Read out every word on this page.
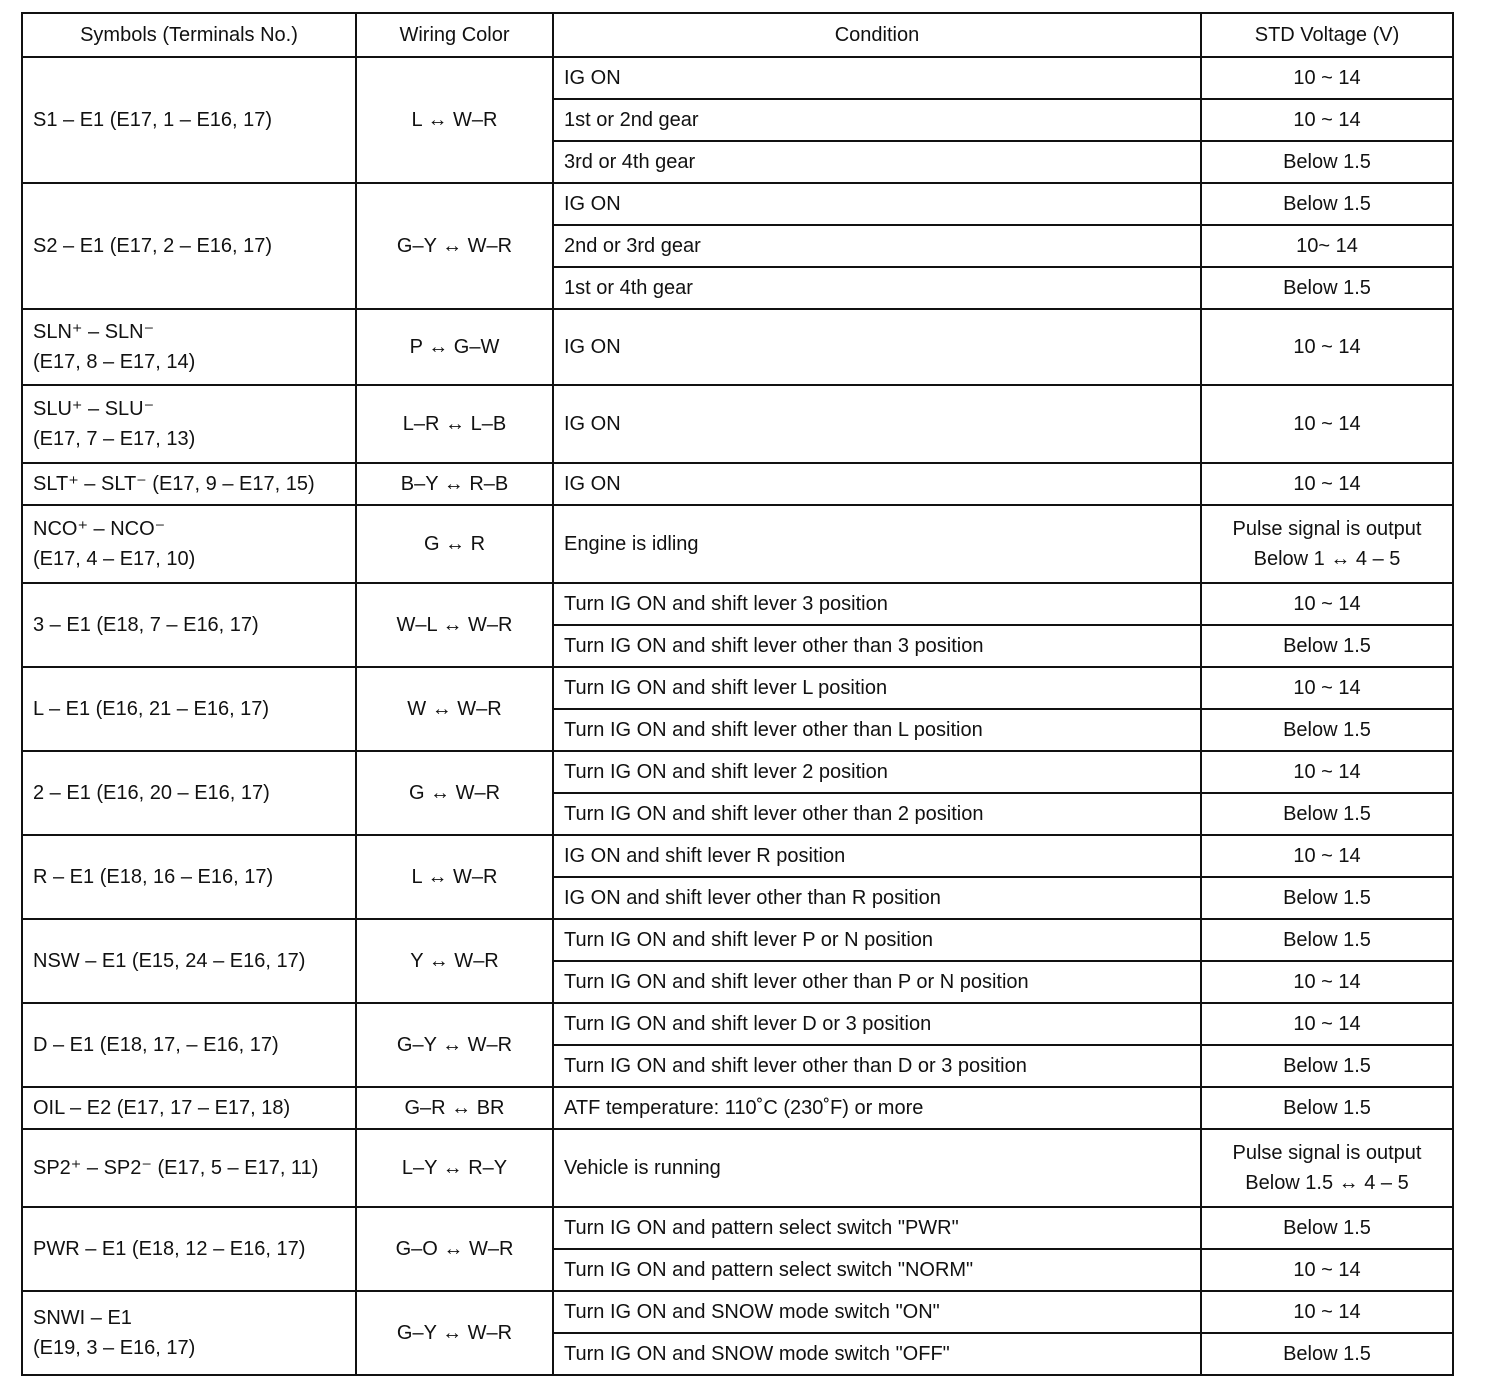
Symbols (Terminals No.)	Wiring Color	Condition	STD Voltage (V)

S1 – E1 (E17, 1 – E16, 17)	L ↔ W–R	IG ON	10 ~ 14

		1st or 2nd gear	10 ~ 14

		3rd or 4th gear	Below 1.5

S2 – E1 (E17, 2 – E16, 17)	G–Y ↔ W–R	IG ON	Below 1.5

		2nd or 3rd gear	10~ 14

		1st or 4th gear	Below 1.5

SLN⁺ – SLN⁻
(E17, 8 – E17, 14)	P ↔ G–W	IG ON	10 ~ 14

SLU⁺ – SLU⁻
(E17, 7 – E17, 13)	L–R ↔ L–B	IG ON	10 ~ 14

SLT⁺ – SLT⁻ (E17, 9 – E17, 15)	B–Y ↔ R–B	IG ON	10 ~ 14

NCO⁺ – NCO⁻
(E17, 4 – E17, 10)	G ↔ R	Engine is idling	Pulse signal is output
Below 1 ↔ 4 – 5

3 – E1 (E18, 7 – E16, 17)	W–L ↔ W–R	Turn IG ON and shift lever 3 position	10 ~ 14

		Turn IG ON and shift lever other than 3 position	Below 1.5

L – E1 (E16, 21 – E16, 17)	W ↔ W–R	Turn IG ON and shift lever L position	10 ~ 14

		Turn IG ON and shift lever other than L position	Below 1.5

2 – E1 (E16, 20 – E16, 17)	G ↔ W–R	Turn IG ON and shift lever 2 position	10 ~ 14

		Turn IG ON and shift lever other than 2 position	Below 1.5

R – E1 (E18, 16 – E16, 17)	L ↔ W–R	IG ON and shift lever R position	10 ~ 14

		IG ON and shift lever other than R position	Below 1.5

NSW – E1 (E15, 24 – E16, 17)	Y ↔ W–R	Turn IG ON and shift lever P or N position	Below 1.5

		Turn IG ON and shift lever other than P or N position	10 ~ 14

D – E1 (E18, 17, – E16, 17)	G–Y ↔ W–R	Turn IG ON and shift lever D or 3 position	10 ~ 14

		Turn IG ON and shift lever other than D or 3 position	Below 1.5

OIL – E2 (E17, 17 – E17, 18)	G–R ↔ BR	ATF temperature: 110˚C (230˚F) or more	Below 1.5

SP2⁺ – SP2⁻ (E17, 5 – E17, 11)	L–Y ↔ R–Y	Vehicle is running	Pulse signal is output
Below 1.5 ↔ 4 – 5

PWR – E1 (E18, 12 – E16, 17)	G–O ↔ W–R	Turn IG ON and pattern select switch "PWR"	Below 1.5

		Turn IG ON and pattern select switch "NORM"	10 ~ 14

SNWI – E1
(E19, 3 – E16, 17)	G–Y ↔ W–R	Turn IG ON and SNOW mode switch "ON"	10 ~ 14

		Turn IG ON and SNOW mode switch "OFF"	Below 1.5
